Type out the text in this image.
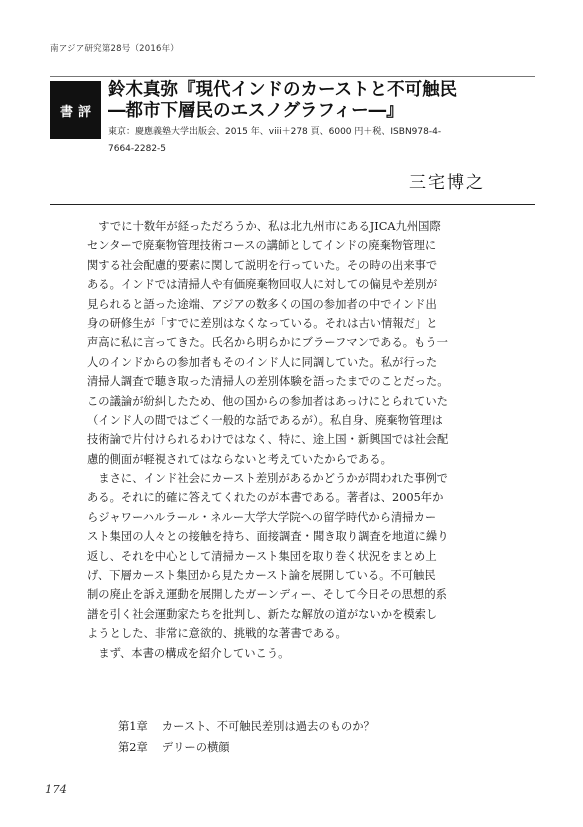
南アジア研究第28号（2016年）
書評
鈴木真弥『現代インドのカーストと不可触民
―都市下層民のエスノグラフィー―』
東京：慶應義塾大学出版会、2015 年、viii＋278 頁、6000 円＋税、ISBN978-4-
7664-2282-5
三宅博之
　すでに十数年が経っただろうか、私は北九州市にあるJICA九州国際
センターで廃棄物管理技術コースの講師としてインドの廃棄物管理に
関する社会配慮的要素に関して説明を行っていた。その時の出来事で
ある。インドでは清掃人や有価廃棄物回収人に対しての偏見や差別が
見られると語った途端、アジアの数多くの国の参加者の中でインド出
身の研修生が「すでに差別はなくなっている。それは古い情報だ」と
声高に私に言ってきた。氏名から明らかにブラーフマンである。もう一
人のインドからの参加者もそのインド人に同調していた。私が行った
清掃人調査で聴き取った清掃人の差別体験を語ったまでのことだった。
この議論が紛糾したため、他の国からの参加者はあっけにとられていた
（インド人の間ではごく一般的な話であるが）。私自身、廃棄物管理は
技術論で片付けられるわけではなく、特に、途上国・新興国では社会配
慮的側面が軽視されてはならないと考えていたからである。
　まさに、インド社会にカースト差別があるかどうかが問われた事例で
ある。それに的確に答えてくれたのが本書である。著者は、2005年か
らジャワーハルラール・ネルー大学大学院への留学時代から清掃カー
スト集団の人々との接触を持ち、面接調査・聞き取り調査を地道に繰り
返し、それを中心として清掃カースト集団を取り巻く状況をまとめ上
げ、下層カースト集団から見たカースト論を展開している。不可触民
制の廃止を訴え運動を展開したガーンディー、そして今日その思想的系
譜を引く社会運動家たちを批判し、新たな解放の道がないかを模索し
ようとした、非常に意欲的、挑戦的な著書である。
　まず、本書の構成を紹介していこう。
第1章 カースト、不可触民差別は過去のものか？
第2章 デリーの横顔
174
